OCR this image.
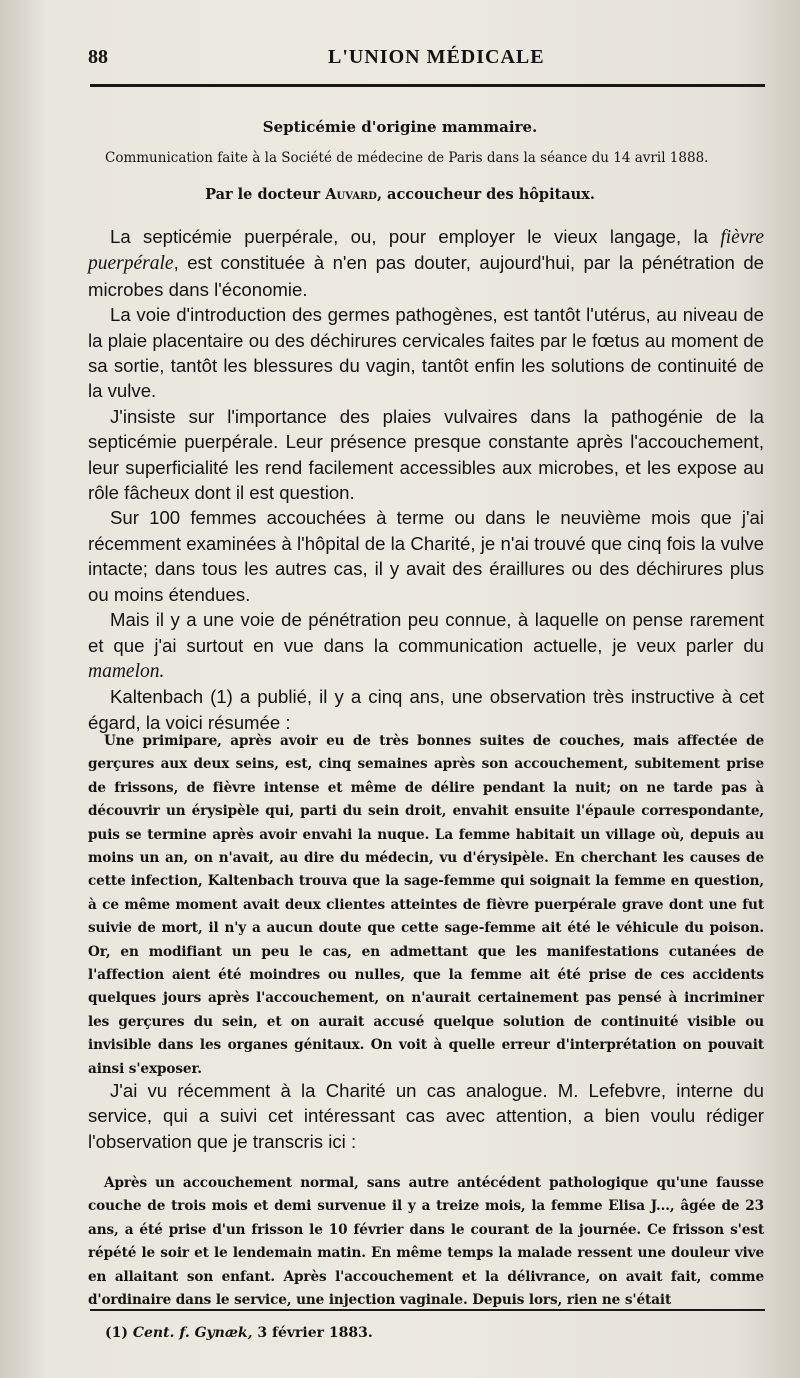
88	L'UNION MÉDICALE
Septicémie d'origine mammaire.
Communication faite à la Société de médecine de Paris dans la séance du 14 avril 1888.
Par le docteur Auvard, accoucheur des hôpitaux.

La septicémie puerpérale, ou, pour employer le vieux langage, la fièvre puerpérale, est constituée à n'en pas douter, aujourd'hui, par la pénétration de microbes dans l'économie.

La voie d'introduction des germes pathogènes, est tantôt l'utérus, au niveau de la plaie placentaire ou des déchirures cervicales faites par le fœtus au moment de sa sortie, tantôt les blessures du vagin, tantôt enfin les solutions de continuité de la vulve.

J'insiste sur l'importance des plaies vulvaires dans la pathogénie de la septicémie puerpérale. Leur présence presque constante après l'accouchement, leur superficialité les rend facilement accessibles aux microbes, et les expose au rôle fâcheux dont il est question.

Sur 100 femmes accouchées à terme ou dans le neuvième mois que j'ai récemment examinées à l'hôpital de la Charité, je n'ai trouvé que cinq fois la vulve intacte; dans tous les autres cas, il y avait des éraillures ou des déchirures plus ou moins étendues.

Mais il y a une voie de pénétration peu connue, à laquelle on pense rarement et que j'ai surtout en vue dans la communication actuelle, je veux parler du mamelon.

Kaltenbach (1) a publié, il y a cinq ans, une observation très instructive à cet égard, la voici résumée :

Une primipare, après avoir eu de très bonnes suites de couches, mais affectée de gerçures aux deux seins, est, cinq semaines après son accouchement, subitement prise de frissons, de fièvre intense et même de délire pendant la nuit; on ne tarde pas à découvrir un érysipèle qui, parti du sein droit, envahit ensuite l'épaule correspondante, puis se termine après avoir envahi la nuque. La femme habitait un village où, depuis au moins un an, on n'avait, au dire du médecin, vu d'érysipèle. En cherchant les causes de cette infection, Kaltenbach trouva que la sage-femme qui soignait la femme en question, à ce même moment avait deux clientes atteintes de fièvre puerpérale grave dont une fut suivie de mort, il n'y a aucun doute que cette sage-femme ait été le véhicule du poison. Or, en modifiant un peu le cas, en admettant que les manifestations cutanées de l'affection aient été moindres ou nulles, que la femme ait été prise de ces accidents quelques jours après l'accouchement, on n'aurait certainement pas pensé à incriminer les gerçures du sein, et on aurait accusé quelque solution de continuité visible ou invisible dans les organes génitaux. On voit à quelle erreur d'interprétation on pouvait ainsi s'exposer.

J'ai vu récemment à la Charité un cas analogue. M. Lefebvre, interne du service, qui a suivi cet intéressant cas avec attention, a bien voulu rédiger l'observation que je transcris ici :

Après un accouchement normal, sans autre antécédent pathologique qu'une fausse couche de trois mois et demi survenue il y a treize mois, la femme Elisa J..., âgée de 23 ans, a été prise d'un frisson le 10 février dans le courant de la journée. Ce frisson s'est répété le soir et le lendemain matin. En même temps la malade ressent une douleur vive en allaitant son enfant. Après l'accouchement et la délivrance, on avait fait, comme d'ordinaire dans le service, une injection vaginale. Depuis lors, rien ne s'était

(1) Cent. f. Gynæk, 3 février 1883.
